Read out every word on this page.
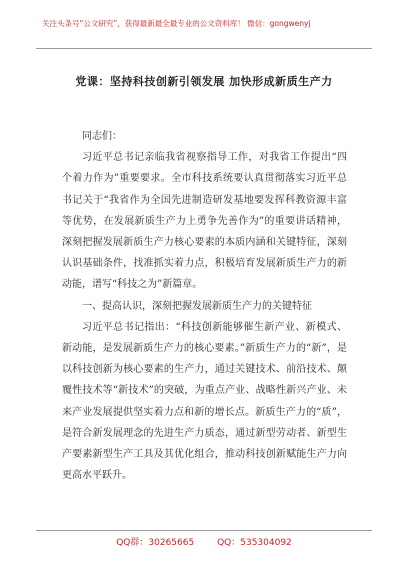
关注头条号“公文研究”，获得最新最全最专业的公文资料库！ 微信：gongwenyj
党课：坚持科技创新引领发展 加快形成新质生产力

同志们：

习近平总书记亲临我省视察指导工作，对我省工作提出“四个着力作为”重要要求。全市科技系统要认真贯彻落实习近平总书记关于“我省作为全国先进制造研发基地要发挥科教资源丰富等优势，在发展新质生产力上勇争先善作为”的重要讲话精神，深刻把握发展新质生产力核心要素的本质内涵和关键特征，深刻认识基础条件，找准抓实着力点，积极培育发展新质生产力的新动能，谱写“科技之为”新篇章。

一、提高认识，深刻把握发展新质生产力的关键特征

习近平总书记指出：“科技创新能够催生新产业、新模式、新动能，是发展新质生产力的核心要素。”新质生产力的“新”，是以科技创新为核心要素的生产力，通过关键技术、前沿技术、颠覆性技术等“新技术”的突破，为重点产业、战略性新兴产业、未来产业发展提供坚实着力点和新的增长点。新质生产力的“质”，是符合新发展理念的先进生产力质态，通过新型劳动者、新型生产要素新型生产工具及其优化组合，推动科技创新赋能生产力向更高水平跃升。

QQ群：30265665	QQ：535304092
